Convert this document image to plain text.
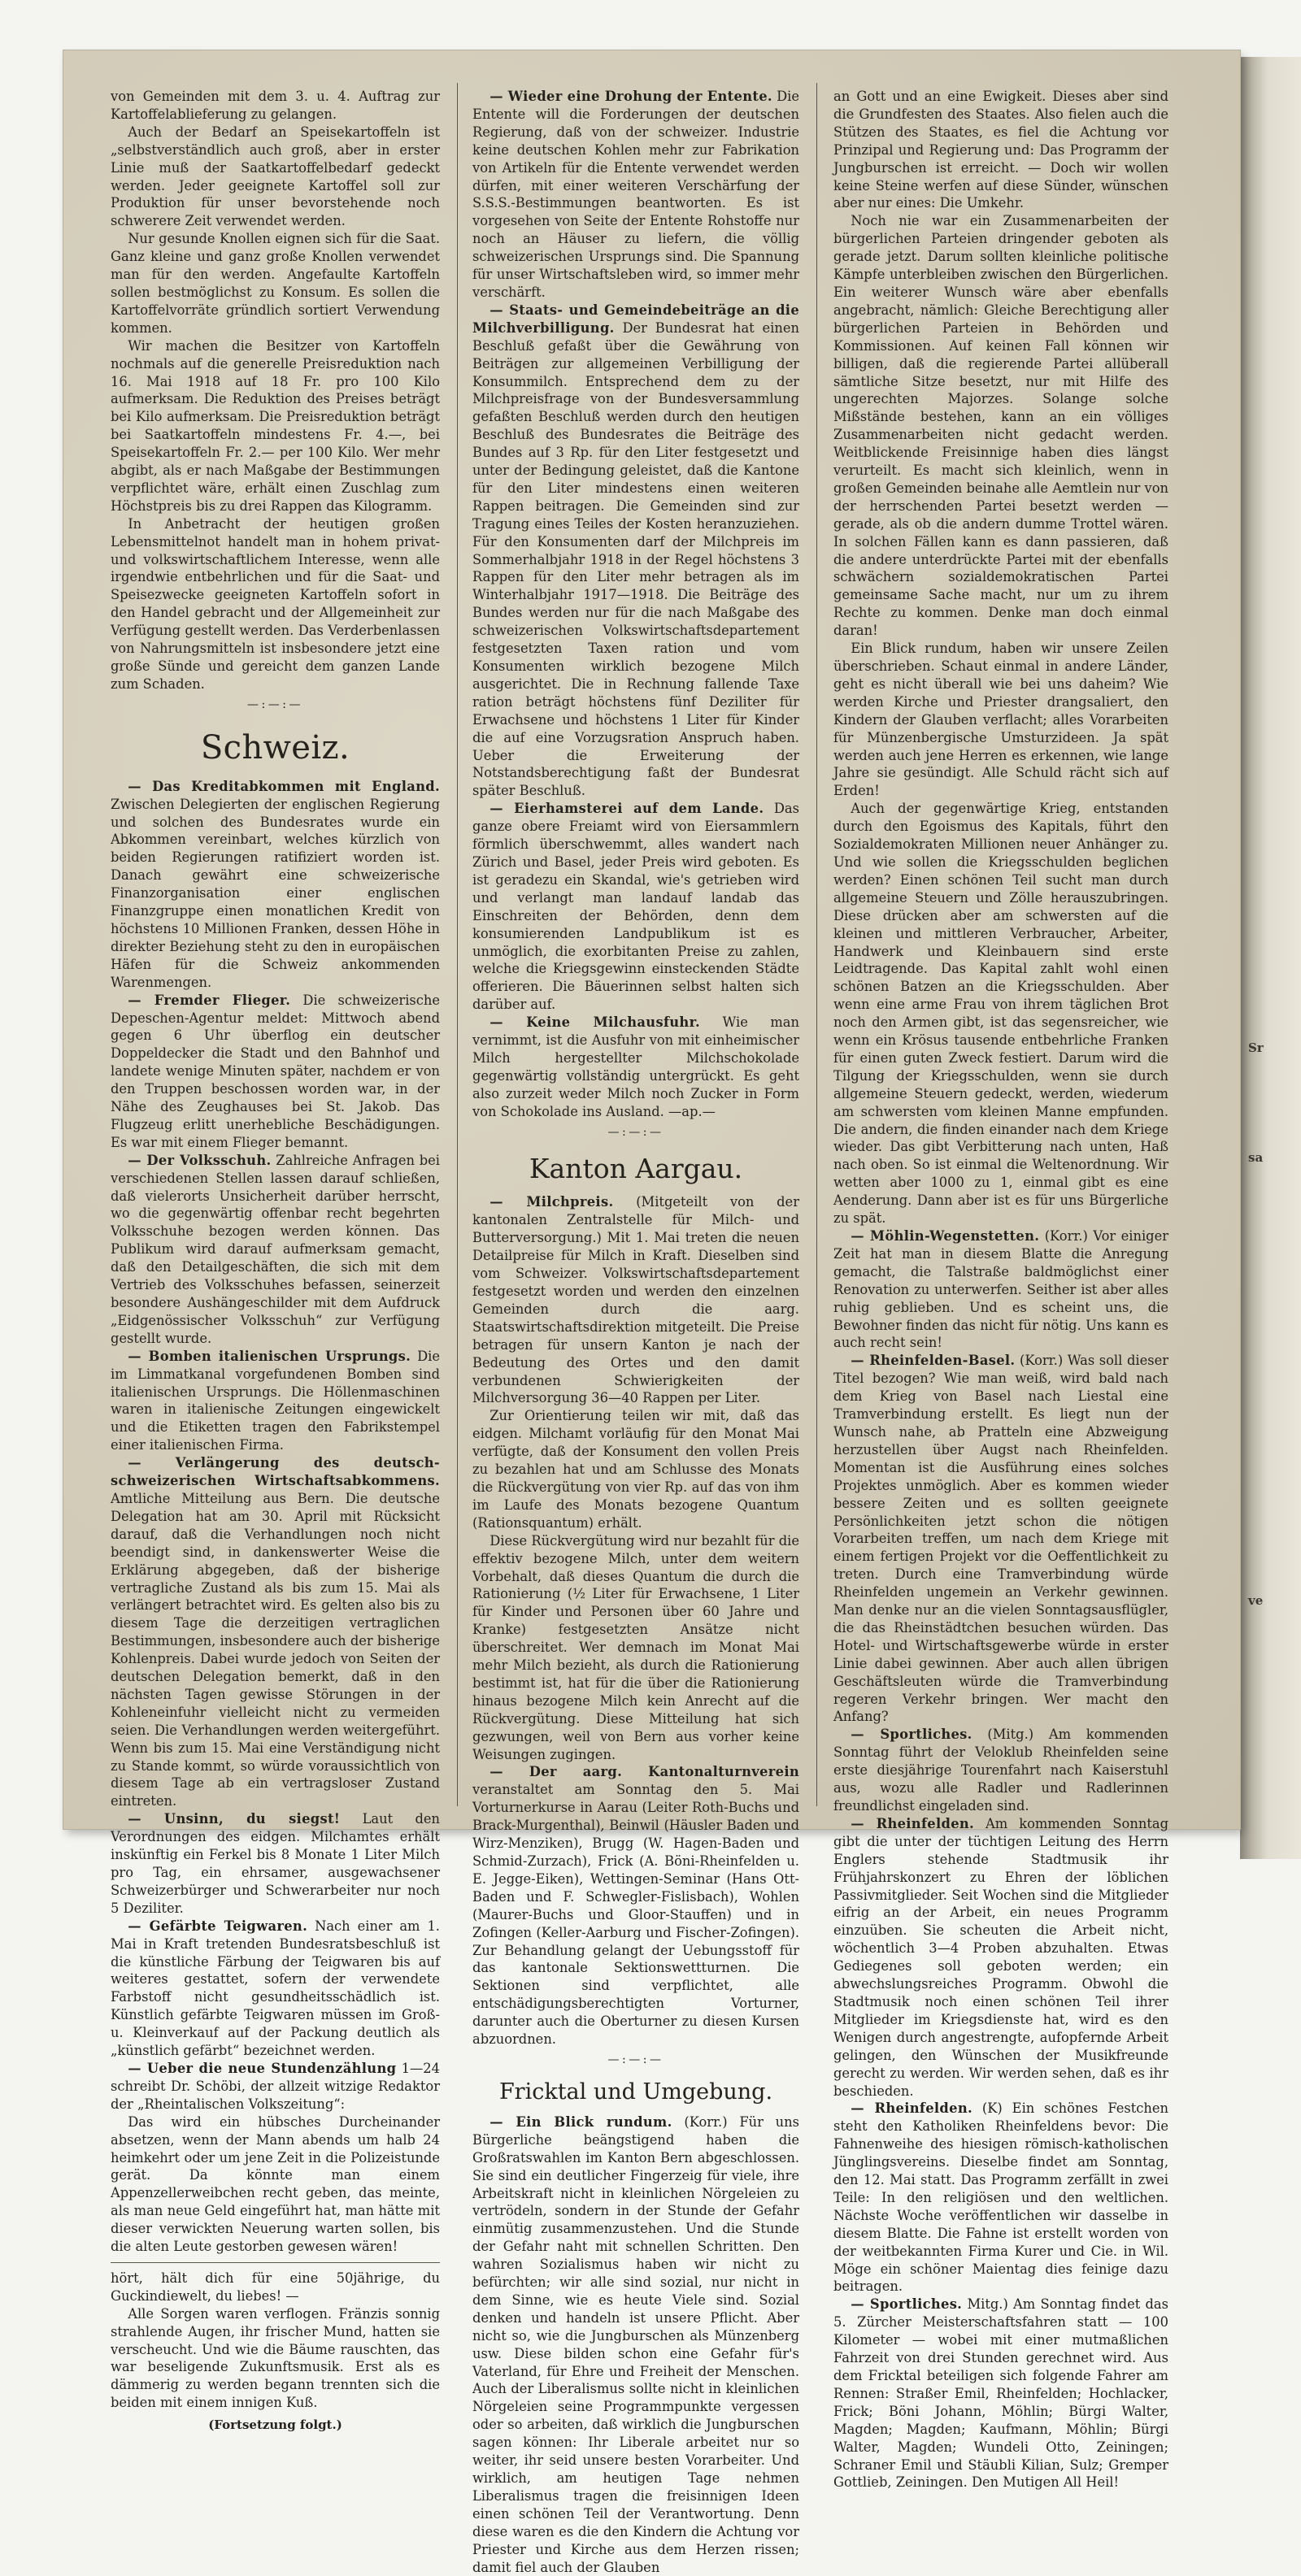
Sr
sa
ve

von Gemeinden mit dem 3. u. 4. Auftrag zur Kartoffelablieferung zu gelangen.

Auch der Bedarf an Speisekartoffeln ist „selbstverständlich auch groß, aber in erster Linie muß der Saatkartoffelbedarf gedeckt werden. Jeder geeignete Kartoffel soll zur Produktion für unser bevorstehende noch schwerere Zeit verwendet werden.

Nur gesunde Knollen eignen sich für die Saat. Ganz kleine und ganz große Knollen verwendet man für den werden. Angefaulte Kartoffeln sollen bestmöglichst zu Konsum. Es sollen die Kartoffelvorräte gründlich sortiert Verwendung kommen.

Wir machen die Besitzer von Kartoffeln nochmals auf die generelle Preisreduktion nach 16. Mai 1918 auf 18 Fr. pro 100 Kilo aufmerksam. Die Reduktion des Preises beträgt bei Kilo aufmerksam. Die Preisreduktion beträgt bei Saatkartoffeln mindestens Fr. 4.—, bei Speisekartoffeln Fr. 2.— per 100 Kilo. Wer mehr abgibt, als er nach Maßgabe der Bestimmungen verpflichtet wäre, erhält einen Zuschlag zum Höchstpreis bis zu drei Rappen das Kilogramm.

In Anbetracht der heutigen großen Lebensmittelnot handelt man in hohem privat- und volkswirtschaftlichem Interesse, wenn alle irgendwie entbehrlichen und für die Saat- und Speisezwecke geeigneten Kartoffeln sofort in den Handel gebracht und der Allgemeinheit zur Verfügung gestellt werden. Das Verderbenlassen von Nahrungsmitteln ist insbesondere jetzt eine große Sünde und gereicht dem ganzen Lande zum Schaden.

—:—:—
Schweiz.

— Das Kreditabkommen mit England. Zwischen Delegierten der englischen Regierung und solchen des Bundesrates wurde ein Abkommen vereinbart, welches kürzlich von beiden Regierungen ratifiziert worden ist. Danach gewährt eine schweizerische Finanzorganisation einer englischen Finanzgruppe einen monatlichen Kredit von höchstens 10 Millionen Franken, dessen Höhe in direkter Beziehung steht zu den in europäischen Häfen für die Schweiz ankommenden Warenmengen.

— Fremder Flieger. Die schweizerische Depeschen-Agentur meldet: Mittwoch abend gegen 6 Uhr überflog ein deutscher Doppeldecker die Stadt und den Bahnhof und landete wenige Minuten später, nachdem er von den Truppen beschossen worden war, in der Nähe des Zeughauses bei St. Jakob. Das Flugzeug erlitt unerhebliche Beschädigungen. Es war mit einem Flieger bemannt.

— Der Volksschuh. Zahlreiche Anfragen bei verschiedenen Stellen lassen darauf schließen, daß vielerorts Unsicherheit darüber herrscht, wo die gegenwärtig offenbar recht begehrten Volksschuhe bezogen werden können. Das Publikum wird darauf aufmerksam gemacht, daß den Detailgeschäften, die sich mit dem Vertrieb des Volksschuhes befassen, seinerzeit besondere Aushängeschilder mit dem Aufdruck „Eidgenössischer Volksschuh“ zur Verfügung gestellt wurde.

— Bomben italienischen Ursprungs. Die im Limmatkanal vorgefundenen Bomben sind italienischen Ursprungs. Die Höllenmaschinen waren in italienische Zeitungen eingewickelt und die Etiketten tragen den Fabrikstempel einer italienischen Firma.

— Verlängerung des deutsch-schweizerischen Wirtschaftsabkommens. Amtliche Mitteilung aus Bern. Die deutsche Delegation hat am 30. April mit Rücksicht darauf, daß die Verhandlungen noch nicht beendigt sind, in dankenswerter Weise die Erklärung abgegeben, daß der bisherige vertragliche Zustand als bis zum 15. Mai als verlängert betrachtet wird. Es gelten also bis zu diesem Tage die derzeitigen vertraglichen Bestimmungen, insbesondere auch der bisherige Kohlenpreis. Dabei wurde jedoch von Seiten der deutschen Delegation bemerkt, daß in den nächsten Tagen gewisse Störungen in der Kohleneinfuhr vielleicht nicht zu vermeiden seien. Die Verhandlungen werden weitergeführt. Wenn bis zum 15. Mai eine Verständigung nicht zu Stande kommt, so würde voraussichtlich von diesem Tage ab ein vertragsloser Zustand eintreten.

— Unsinn, du siegst! Laut den Verordnungen des eidgen. Milchamtes erhält inskünftig ein Ferkel bis 8 Monate 1 Liter Milch pro Tag, ein ehrsamer, ausgewachsener Schweizerbürger und Schwerarbeiter nur noch 5 Deziliter.

— Gefärbte Teigwaren. Nach einer am 1. Mai in Kraft tretenden Bundesratsbeschluß ist die künstliche Färbung der Teigwaren bis auf weiteres gestattet, sofern der verwendete Farbstoff nicht gesundheitsschädlich ist. Künstlich gefärbte Teigwaren müssen im Groß- u. Kleinverkauf auf der Packung deutlich als „künstlich gefärbt“ bezeichnet werden.

— Ueber die neue Stundenzählung 1—24 schreibt Dr. Schöbi, der allzeit witzige Redaktor der „Rheintalischen Volkszeitung“:

Das wird ein hübsches Durcheinander absetzen, wenn der Mann abends um halb 24 heimkehrt oder um jene Zeit in die Polizeistunde gerät. Da könnte man einem Appenzellerweibchen recht geben, das meinte, als man neue Geld eingeführt hat, man hätte mit dieser verwickten Neuerung warten sollen, bis die alten Leute gestorben gewesen wären!

hört, hält dich für eine 50jährige, du Guckindiewelt, du liebes! —

Alle Sorgen waren verflogen. Fränzis sonnig strahlende Augen, ihr frischer Mund, hatten sie verscheucht. Und wie die Bäume rauschten, das war beseligende Zukunftsmusik. Erst als es dämmerig zu werden begann trennten sich die beiden mit einem innigen Kuß.

(Fortsetzung folgt.)

— Wieder eine Drohung der Entente. Die Entente will die Forderungen der deutschen Regierung, daß von der schweizer. Industrie keine deutschen Kohlen mehr zur Fabrikation von Artikeln für die Entente verwendet werden dürfen, mit einer weiteren Verschärfung der S.S.S.-Bestimmungen beantworten. Es ist vorgesehen von Seite der Entente Rohstoffe nur noch an Häuser zu liefern, die völlig schweizerischen Ursprungs sind. Die Spannung für unser Wirtschaftsleben wird, so immer mehr verschärft.

— Staats- und Gemeindebeiträge an die Milchverbilligung. Der Bundesrat hat einen Beschluß gefaßt über die Gewährung von Beiträgen zur allgemeinen Verbilligung der Konsummilch. Entsprechend dem zu der Milchpreisfrage von der Bundesversammlung gefaßten Beschluß werden durch den heutigen Beschluß des Bundesrates die Beiträge des Bundes auf 3 Rp. für den Liter festgesetzt und unter der Bedingung geleistet, daß die Kantone für den Liter mindestens einen weiteren Rappen beitragen. Die Gemeinden sind zur Tragung eines Teiles der Kosten heranzuziehen. Für den Konsumenten darf der Milchpreis im Sommerhalbjahr 1918 in der Regel höchstens 3 Rappen für den Liter mehr betragen als im Winterhalbjahr 1917—1918. Die Beiträge des Bundes werden nur für die nach Maßgabe des schweizerischen Volkswirtschaftsdepartement festgesetzten Taxen ration und vom Konsumenten wirklich bezogene Milch ausgerichtet. Die in Rechnung fallende Taxe ration beträgt höchstens fünf Deziliter für Erwachsene und höchstens 1 Liter für Kinder die auf eine Vorzugsration Anspruch haben. Ueber die Erweiterung der Notstandsberechtigung faßt der Bundesrat später Beschluß.

— Eierhamsterei auf dem Lande. Das ganze obere Freiamt wird von Eiersammlern förmlich überschwemmt, alles wandert nach Zürich und Basel, jeder Preis wird geboten. Es ist geradezu ein Skandal, wie's getrieben wird und verlangt man landauf landab das Einschreiten der Behörden, denn dem konsumierenden Landpublikum ist es unmöglich, die exorbitanten Preise zu zahlen, welche die Kriegsgewinn einsteckenden Städte offerieren. Die Bäuerinnen selbst halten sich darüber auf.

— Keine Milchausfuhr. Wie man vernimmt, ist die Ausfuhr von mit einheimischer Milch hergestellter Milchschokolade gegenwärtig vollständig untergrückt. Es geht also zurzeit weder Milch noch Zucker in Form von Schokolade ins Ausland. —ap.—

—:—:—
Kanton Aargau.

— Milchpreis. (Mitgeteilt von der kantonalen Zentralstelle für Milch- und Butterversorgung.) Mit 1. Mai treten die neuen Detailpreise für Milch in Kraft. Dieselben sind vom Schweizer. Volkswirtschaftsdepartement festgesetzt worden und werden den einzelnen Gemeinden durch die aarg. Staatswirtschaftsdirektion mitgeteilt. Die Preise betragen für unsern Kanton je nach der Bedeutung des Ortes und den damit verbundenen Schwierigkeiten der Milchversorgung 36—40 Rappen per Liter.

Zur Orientierung teilen wir mit, daß das eidgen. Milchamt vorläufig für den Monat Mai verfügte, daß der Konsument den vollen Preis zu bezahlen hat und am Schlusse des Monats die Rückvergütung von vier Rp. auf das von ihm im Laufe des Monats bezogene Quantum (Rationsquantum) erhält.

Diese Rückvergütung wird nur bezahlt für die effektiv bezogene Milch, unter dem weitern Vorbehalt, daß dieses Quantum die durch die Rationierung (½ Liter für Erwachsene, 1 Liter für Kinder und Personen über 60 Jahre und Kranke) festgesetzten Ansätze nicht überschreitet. Wer demnach im Monat Mai mehr Milch bezieht, als durch die Rationierung bestimmt ist, hat für die über die Rationierung hinaus bezogene Milch kein Anrecht auf die Rückvergütung. Diese Mitteilung hat sich gezwungen, weil von Bern aus vorher keine Weisungen zugingen.

— Der aarg. Kantonalturnverein veranstaltet am Sonntag den 5. Mai Vorturnerkurse in Aarau (Leiter Roth-Buchs und Brack-Murgenthal), Beinwil (Häusler Baden und Wirz-Menziken), Brugg (W. Hagen-Baden und Schmid-Zurzach), Frick (A. Böni-Rheinfelden u. E. Jegge-Eiken), Wettingen-Seminar (Hans Ott-Baden und F. Schwegler-Fislisbach), Wohlen (Maurer-Buchs und Gloor-Stauffen) und in Zofingen (Keller-Aarburg und Fischer-Zofingen). Zur Behandlung gelangt der Uebungsstoff für das kantonale Sektionswettturnen. Die Sektionen sind verpflichtet, alle entschädigungsberechtigten Vorturner, darunter auch die Oberturner zu diesen Kursen abzuordnen.

—:—:—
Fricktal und Umgebung.

— Ein Blick rundum. (Korr.) Für uns Bürgerliche beängstigend haben die Großratswahlen im Kanton Bern abgeschlossen. Sie sind ein deutlicher Fingerzeig für viele, ihre Arbeitskraft nicht in kleinlichen Nörgeleien zu vertrödeln, sondern in der Stunde der Gefahr einmütig zusammenzustehen. Und die Stunde der Gefahr naht mit schnellen Schritten. Den wahren Sozialismus haben wir nicht zu befürchten; wir alle sind sozial, nur nicht in dem Sinne, wie es heute Viele sind. Sozial denken und handeln ist unsere Pflicht. Aber nicht so, wie die Jungburschen als Münzenberg usw. Diese bilden schon eine Gefahr für's Vaterland, für Ehre und Freiheit der Menschen. Auch der Liberalismus sollte nicht in kleinlichen Nörgeleien seine Programmpunkte vergessen oder so arbeiten, daß wirklich die Jungburschen sagen können: Ihr Liberale arbeitet nur so weiter, ihr seid unsere besten Vorarbeiter. Und wirklich, am heutigen Tage nehmen Liberalismus tragen die freisinnigen Ideen einen schönen Teil der Verantwortung. Denn diese waren es die den Kindern die Achtung vor Priester und Kirche aus dem Herzen rissen; damit fiel auch der Glauben

an Gott und an eine Ewigkeit. Dieses aber sind die Grundfesten des Staates. Also fielen auch die Stützen des Staates, es fiel die Achtung vor Prinzipal und Regierung und: Das Programm der Jungburschen ist erreicht. — Doch wir wollen keine Steine werfen auf diese Sünder, wünschen aber nur eines: Die Umkehr.

Noch nie war ein Zusammenarbeiten der bürgerlichen Parteien dringender geboten als gerade jetzt. Darum sollten kleinliche politische Kämpfe unterbleiben zwischen den Bürgerlichen. Ein weiterer Wunsch wäre aber ebenfalls angebracht, nämlich: Gleiche Berechtigung aller bürgerlichen Parteien in Behörden und Kommissionen. Auf keinen Fall können wir billigen, daß die regierende Partei allüberall sämtliche Sitze besetzt, nur mit Hilfe des ungerechten Majorzes. Solange solche Mißstände bestehen, kann an ein völliges Zusammenarbeiten nicht gedacht werden. Weitblickende Freisinnige haben dies längst verurteilt. Es macht sich kleinlich, wenn in großen Gemeinden beinahe alle Aemtlein nur von der herrschenden Partei besetzt werden — gerade, als ob die andern dumme Trottel wären. In solchen Fällen kann es dann passieren, daß die andere unterdrückte Partei mit der ebenfalls schwächern sozialdemokratischen Partei gemeinsame Sache macht, nur um zu ihrem Rechte zu kommen. Denke man doch einmal daran!

Ein Blick rundum, haben wir unsere Zeilen überschrieben. Schaut einmal in andere Länder, geht es nicht überall wie bei uns daheim? Wie werden Kirche und Priester drangsaliert, den Kindern der Glauben verflacht; alles Vorarbeiten für Münzenbergische Umsturzideen. Ja spät werden auch jene Herren es erkennen, wie lange Jahre sie gesündigt. Alle Schuld rächt sich auf Erden!

Auch der gegenwärtige Krieg, entstanden durch den Egoismus des Kapitals, führt den Sozialdemokraten Millionen neuer Anhänger zu. Und wie sollen die Kriegsschulden beglichen werden? Einen schönen Teil sucht man durch allgemeine Steuern und Zölle herauszubringen. Diese drücken aber am schwersten auf die kleinen und mittleren Verbraucher, Arbeiter, Handwerk und Kleinbauern sind erste Leidtragende. Das Kapital zahlt wohl einen schönen Batzen an die Kriegsschulden. Aber wenn eine arme Frau von ihrem täglichen Brot noch den Armen gibt, ist das segensreicher, wie wenn ein Krösus tausende entbehrliche Franken für einen guten Zweck festiert. Darum wird die Tilgung der Kriegsschulden, wenn sie durch allgemeine Steuern gedeckt, werden, wiederum am schwersten vom kleinen Manne empfunden. Die andern, die finden einander nach dem Kriege wieder. Das gibt Verbitterung nach unten, Haß nach oben. So ist einmal die Weltenordnung. Wir wetten aber 1000 zu 1, einmal gibt es eine Aenderung. Dann aber ist es für uns Bürgerliche zu spät.

— Möhlin-Wegenstetten. (Korr.) Vor einiger Zeit hat man in diesem Blatte die Anregung gemacht, die Talstraße baldmöglichst einer Renovation zu unterwerfen. Seither ist aber alles ruhig geblieben. Und es scheint uns, die Bewohner finden das nicht für nötig. Uns kann es auch recht sein!

— Rheinfelden-Basel. (Korr.) Was soll dieser Titel bezogen? Wie man weiß, wird bald nach dem Krieg von Basel nach Liestal eine Tramverbindung erstellt. Es liegt nun der Wunsch nahe, ab Pratteln eine Abzweigung herzustellen über Augst nach Rheinfelden. Momentan ist die Ausführung eines solches Projektes unmöglich. Aber es kommen wieder bessere Zeiten und es sollten geeignete Persönlichkeiten jetzt schon die nötigen Vorarbeiten treffen, um nach dem Kriege mit einem fertigen Projekt vor die Oeffentlichkeit zu treten. Durch eine Tramverbindung würde Rheinfelden ungemein an Verkehr gewinnen. Man denke nur an die vielen Sonntagsausflügler, die das Rheinstädtchen besuchen würden. Das Hotel- und Wirtschaftsgewerbe würde in erster Linie dabei gewinnen. Aber auch allen übrigen Geschäftsleuten würde die Tramverbindung regeren Verkehr bringen. Wer macht den Anfang?

— Sportliches. (Mitg.) Am kommenden Sonntag führt der Veloklub Rheinfelden seine erste diesjährige Tourenfahrt nach Kaiserstuhl aus, wozu alle Radler und Radlerinnen freundlichst eingeladen sind.

— Rheinfelden. Am kommenden Sonntag gibt die unter der tüchtigen Leitung des Herrn Englers stehende Stadtmusik ihr Frühjahrskonzert zu Ehren der löblichen Passivmitglieder. Seit Wochen sind die Mitglieder eifrig an der Arbeit, ein neues Programm einzuüben. Sie scheuten die Arbeit nicht, wöchentlich 3—4 Proben abzuhalten. Etwas Gediegenes soll geboten werden; ein abwechslungsreiches Programm. Obwohl die Stadtmusik noch einen schönen Teil ihrer Mitglieder im Kriegsdienste hat, wird es den Wenigen durch angestrengte, aufopfernde Arbeit gelingen, den Wünschen der Musikfreunde gerecht zu werden. Wir werden sehen, daß es ihr beschieden.

— Rheinfelden. (K) Ein schönes Festchen steht den Katholiken Rheinfeldens bevor: Die Fahnenweihe des hiesigen römisch-katholischen Jünglingsvereins. Dieselbe findet am Sonntag, den 12. Mai statt. Das Programm zerfällt in zwei Teile: In den religiösen und den weltlichen. Nächste Woche veröffentlichen wir dasselbe in diesem Blatte. Die Fahne ist erstellt worden von der weitbekannten Firma Kurer und Cie. in Wil. Möge ein schöner Maientag dies feinige dazu beitragen.

— Sportliches. Mitg.) Am Sonntag findet das 5. Zürcher Meisterschaftsfahren statt — 100 Kilometer — wobei mit einer mutmaßlichen Fahrzeit von drei Stunden gerechnet wird. Aus dem Fricktal beteiligen sich folgende Fahrer am Rennen: Straßer Emil, Rheinfelden; Hochlacker, Frick; Böni Johann, Möhlin; Bürgi Walter, Magden; Magden; Kaufmann, Möhlin; Bürgi Walter, Magden; Wundeli Otto, Zeiningen; Schraner Emil und Stäubli Kilian, Sulz; Gremper Gottlieb, Zeiningen. Den Mutigen All Heil!
